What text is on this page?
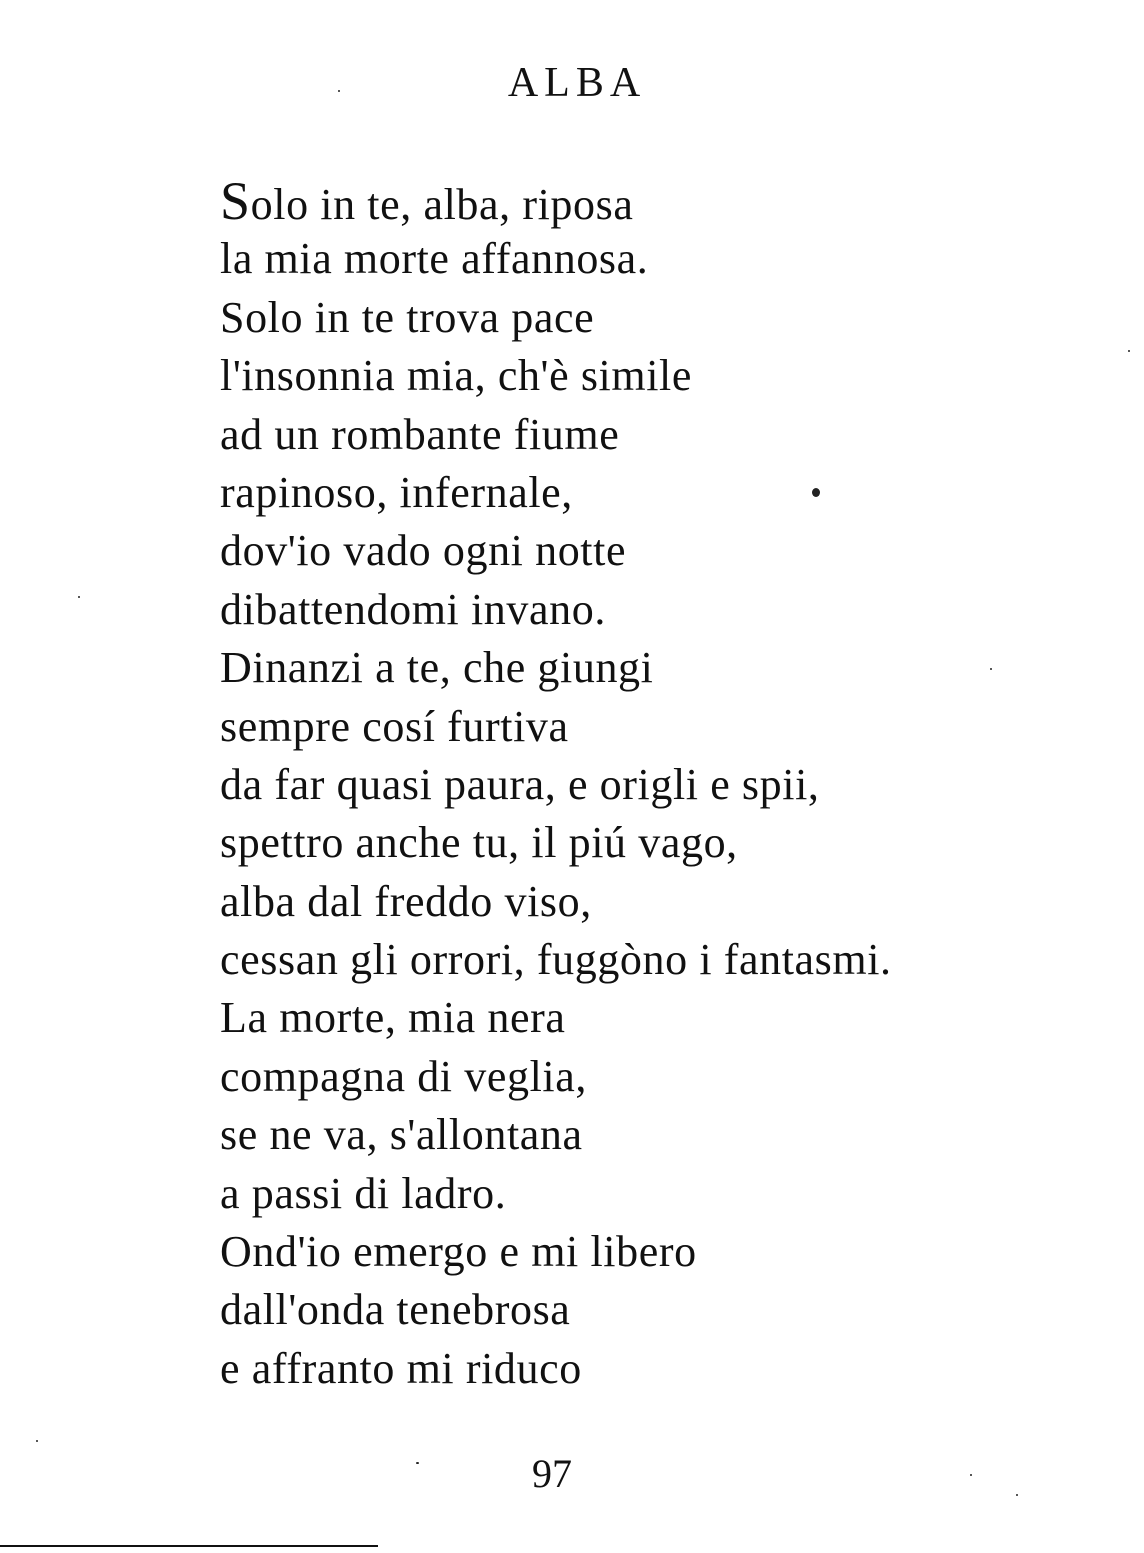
ALBA
Solo in te, alba, riposa
la mia morte affannosa.
Solo in te trova pace
l'insonnia mia, ch'è simile
ad un rombante fiume
rapinoso, infernale,
dov'io vado ogni notte
dibattendomi invano.
Dinanzi a te, che giungi
sempre cosí furtiva
da far quasi paura, e origli e spii,
spettro anche tu, il piú vago,
alba dal freddo viso,
cessan gli orrori, fuggòno i fantasmi.
La morte, mia nera
compagna di veglia,
se ne va, s'allontana
a passi di ladro.
Ond'io emergo e mi libero
dall'onda tenebrosa
e affranto mi riduco
97
